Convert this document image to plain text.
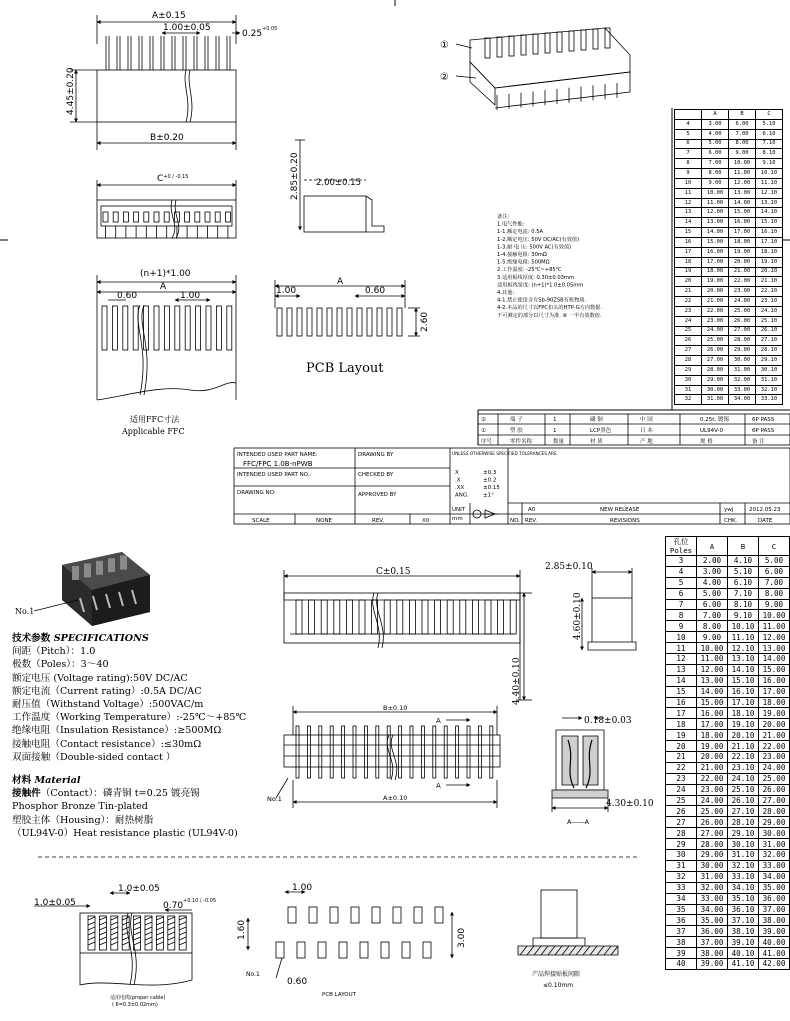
A±0.15
1.00±0.05
0.25 +0.05
4.45±0.20
B±0.20
$C^{+0 / -0.15}$	2.85±0.20 2.00±0.15
(n+1)*1.00
A
0.60	1.00
适用FFC寸法
Applicable FFC
A
1.00	0.60
2.60
PCB Layout
①
②
备注:
1.电气性能:
1-1.额定电流: 0.5A
1-2.额定电压: 50V DC/AC(有效值)
1-3.耐 电 压: 500V AC(有效值)
1-4.接触电阻: 30mΩ
1-5.绝缘电阻: 500MΩ
2.工作温度: -25℃~+85℃
3.适用板线厚度: 0.30±0.03mm
适用板线宽度: (n+1)*1.0±0.05mm
4.其他:
4-1.禁止使用含有Sb-90ZSB有机物质.
4-2.本品的尺寸以FPC扣头的HTP-G方向数据.
不可测定的部分以尺寸为准. ⑧ 一半有效数值.
②	端 子	1	磷 铜	中 国	0.25t, 镀锡	6P PASS
①	塑 胶	1	LCP黑色	日 本	UL94V-0	6P PASS
序号	零件名称	数量	材 质	产 地	规 格	备 注
INTENDED USED PART NAME:
FFC/FPC 1.0B-nPWB
INTENDED USED PART NO.:
DRAWING NO:
DRAWING BY
CHECKED BY
APPROVED BY
SCALE	NONE	REV.	X0
UNLESS OTHERWISE SPECIFIED TOLERANCES ARE
X	±0.3
.X	±0.2
.XX	±0.15
ANG.	±1°
UNIT
mm
A0	NEW RELEASE	ywj	2012.05.23
NO. REV.	REVISIONS	CHK.	DATE
No.1
C±0.15
4.40±0.10
2.85±0.10
4.60±0.10
B±0.10
A±0.10
A
A
No.1
0.18±0.03
4.30±0.10
A——A
1.0±0.05
1.0±0.05
0.70 +0.10 / -0.05
适用电缆(proper cable)
( 6=0.3±0.02mm)
1.00
1.60	3.00
0.60
No.1
PCB LAYOUT
产品焊接贴板间隙
≤0.10mm
	A	B	C
4	3.00	6.00	5.10
5	4.00	7.00	6.10
6	5.00	8.00	7.10
7	6.00	9.00	8.10
8	7.00	10.00	9.10
9	8.00	11.00	10.10
10	9.00	12.00	11.10
11	10.00	13.00	12.10
12	11.00	14.00	13.10
13	12.00	15.00	14.10
14	13.00	16.00	15.10
15	14.00	17.00	16.10
16	15.00	18.00	17.10
17	16.00	19.00	18.10
18	17.00	20.00	19.10
19	18.00	21.00	20.10
20	19.00	22.00	21.10
21	20.00	23.00	22.10
22	21.00	24.00	23.10
23	22.00	25.00	24.10
24	23.00	26.00	25.10
25	24.00	27.00	26.10
26	25.00	28.00	27.10
27	26.00	29.00	28.10
28	27.00	30.00	29.10
29	28.00	31.00	30.10
30	29.00	32.00	31.10
31	30.00	33.00	32.10
32	31.00	34.00	33.10
技术参数 SPECIFICATIONS
间距（Pitch）：1.0
极数（Poles）：3～40
额定电压 (Voltage rating):50V DC/AC
额定电流（Current rating）:0.5A DC/AC
耐压值（Withstand Voltage）:500VAC/m
工作温度（Working Temperature）:-25℃～+85℃
绝缘电阻（Insulation Resistance）:≥500MΩ
接触电阻（Contact resistance）:≤30mΩ
双面接触（Double-sided contact ）
材料 Material
接触件（Contact）：磷青铜 t=0.25 镀亮锡
Phosphor Bronze Tin-plated
塑胶主体（Housing）：耐热树脂
（UL94V-0）Heat resistance plastic (UL94V-0)
孔位
Poles	A	B	C
3	2.00	4.10	5.00
4	3.00	5.10	6.00
5	4.00	6.10	7.00
6	5.00	7.10	8.00
7	6.00	8.10	9.00
8	7.00	9.10	10.00
9	8.00	10.10	11.00
10	9.00	11.10	12.00
11	10.00	12.10	13.00
12	11.00	13.10	14.00
13	12.00	14.10	15.00
14	13.00	15.10	16.00
15	14.00	16.10	17.00
16	15.00	17.10	18.00
17	16.00	18.10	19.00
18	17.00	19.10	20.00
19	18.00	20.10	21.00
20	19.00	21.10	22.00
21	20.00	22.10	23.00
22	21.00	23.10	24.00
23	22.00	24.10	25.00
24	23.00	25.10	26.00
25	24.00	26.10	27.00
26	25.00	27.10	28.00
27	26.00	28.10	29.00
28	27.00	29.10	30.00
29	28.00	30.10	31.00
30	29.00	31.10	32.00
31	30.00	32.10	33.00
32	31.00	33.10	34.00
33	32.00	34.10	35.00
34	33.00	35.10	36.00
35	34.00	36.10	37.00
36	35.00	37.10	38.00
37	36.00	38.10	39.00
38	37.00	39.10	40.00
39	38.00	40.10	41.00
40	39.00	41.10	42.00
